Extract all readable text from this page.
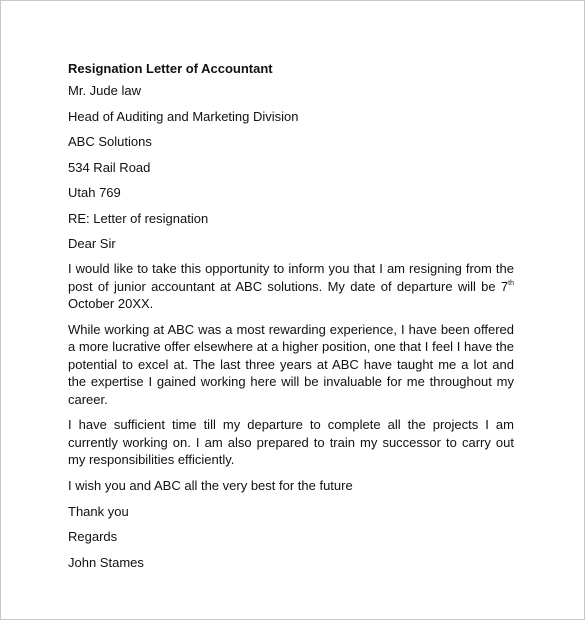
Resignation Letter of Accountant
Mr. Jude law
Head of Auditing and Marketing Division
ABC Solutions
534 Rail Road
Utah 769
RE: Letter of resignation
Dear Sir

I would like to take this opportunity to inform you that I am resigning from the post of junior accountant at ABC solutions. My date of departure will be 7th October 20XX.

While working at ABC was a most rewarding experience, I have been offered a more lucrative offer elsewhere at a higher position, one that I feel I have the potential to excel at. The last three years at ABC have taught me a lot and the expertise I gained working here will be invaluable for me throughout my career.

I have sufficient time till my departure to complete all the projects I am currently working on. I am also prepared to train my successor to carry out my responsibilities efficiently.

I wish you and ABC all the very best for the future
Thank you
Regards
John Stames
